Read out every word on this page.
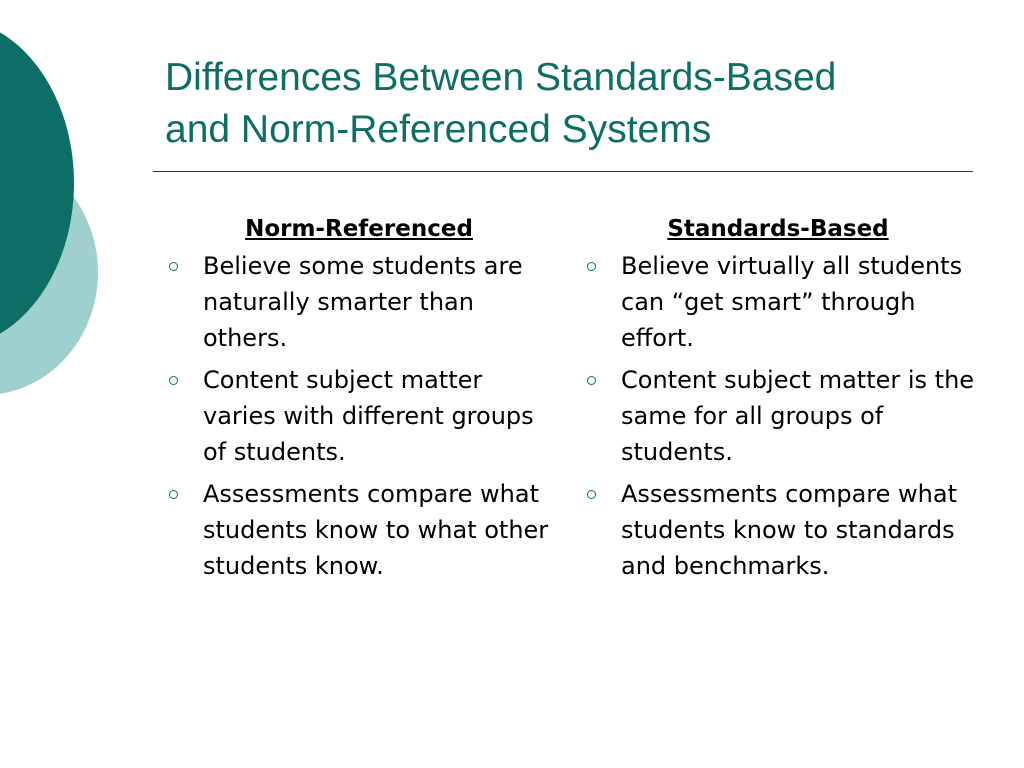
Differences Between Standards-Based
and Norm-Referenced Systems
Norm-Referenced
Believe some students are naturally smarter than others.
Content subject matter varies with different groups of students.
Assessments compare what students know to what other students know.
Standards-Based
Believe virtually all students can “get smart” through effort.
Content subject matter is the same for all groups of students.
Assessments compare what students know to standards and benchmarks.
